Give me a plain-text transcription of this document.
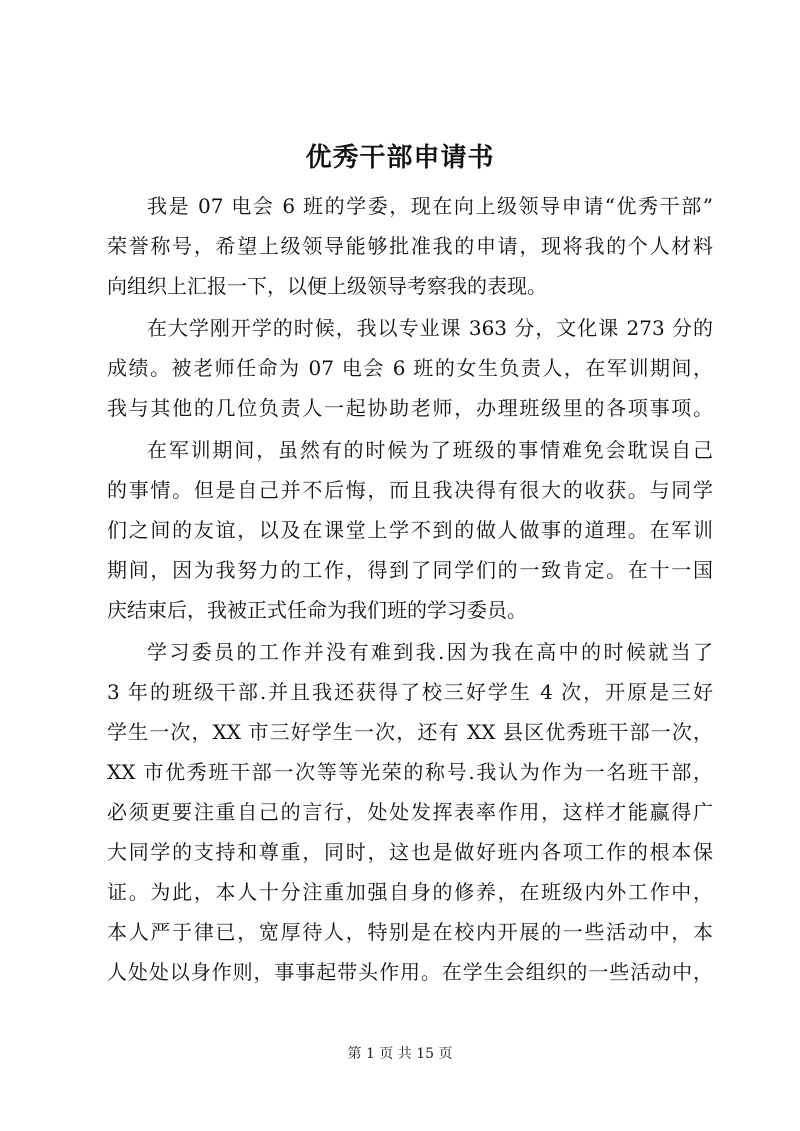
优秀干部申请书
我是 07 电会 6 班的学委，现在向上级领导申请“优秀干部”
荣誉称号，希望上级领导能够批准我的申请，现将我的个人材料
向组织上汇报一下，以便上级领导考察我的表现。
在大学刚开学的时候，我以专业课 363 分，文化课 273 分的
成绩。被老师任命为 07 电会 6 班的女生负责人，在军训期间，
我与其他的几位负责人一起协助老师，办理班级里的各项事项。
在军训期间，虽然有的时候为了班级的事情难免会耽误自己
的事情。但是自己并不后悔，而且我决得有很大的收获。与同学
们之间的友谊，以及在课堂上学不到的做人做事的道理。在军训
期间，因为我努力的工作，得到了同学们的一致肯定。在十一国
庆结束后，我被正式任命为我们班的学习委员。
学习委员的工作并没有难到我.因为我在高中的时候就当了
3 年的班级干部.并且我还获得了校三好学生 4 次，开原是三好
学生一次，XX 市三好学生一次，还有 XX 县区优秀班干部一次，
XX 市优秀班干部一次等等光荣的称号.我认为作为一名班干部，
必须更要注重自己的言行，处处发挥表率作用，这样才能赢得广
大同学的支持和尊重，同时，这也是做好班内各项工作的根本保
证。为此，本人十分注重加强自身的修养，在班级内外工作中，
本人严于律已，宽厚待人，特别是在校内开展的一些活动中，本
人处处以身作则，事事起带头作用。在学生会组织的一些活动中，
第 1 页 共 15 页
